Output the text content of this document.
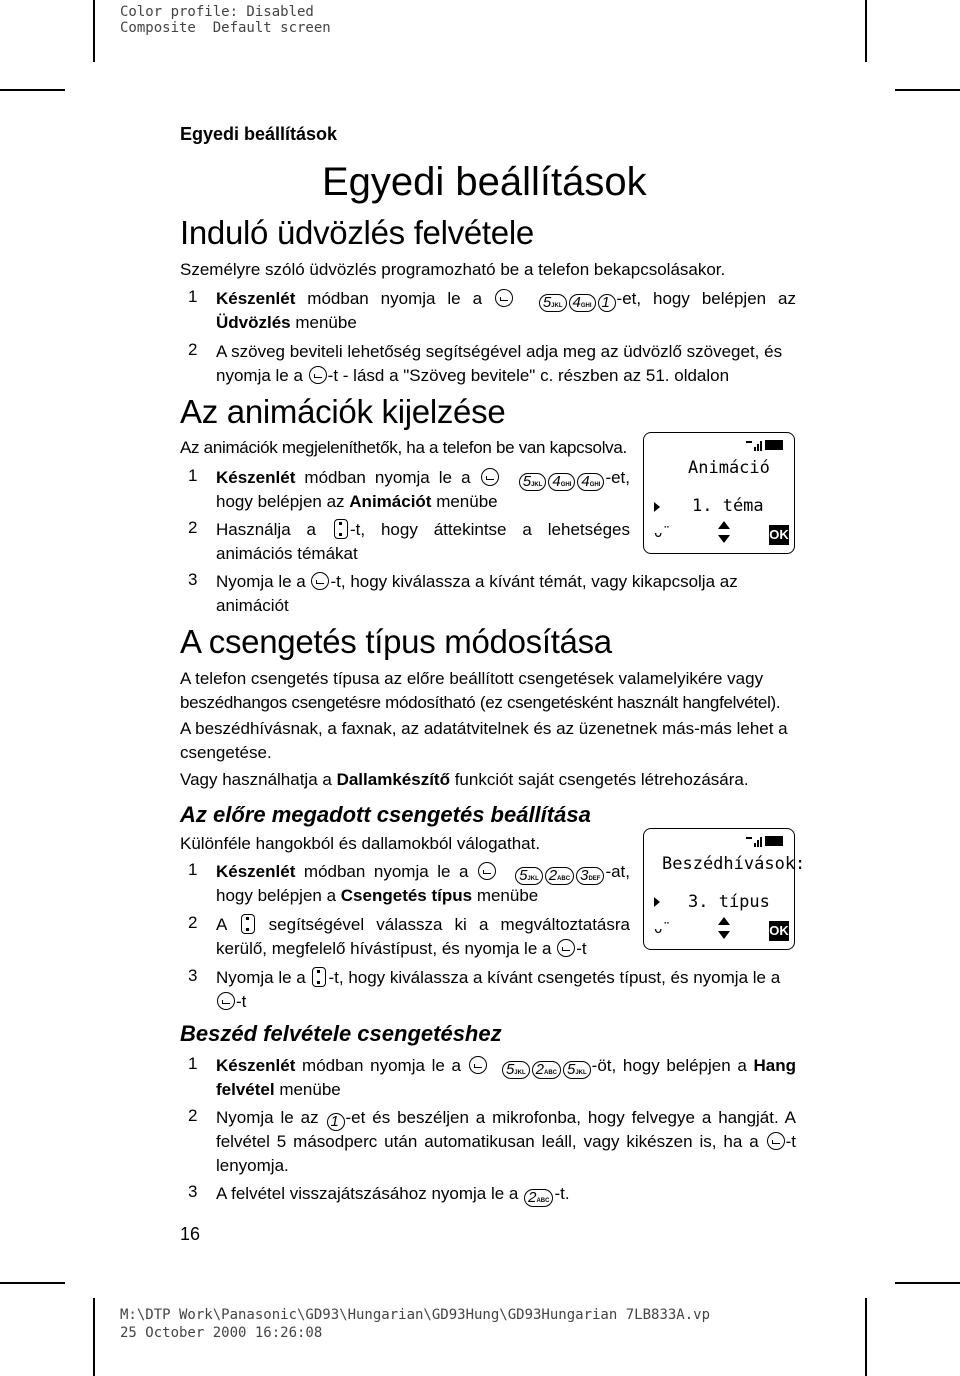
Color profile: Disabled
Composite  Default screen
M:\DTP Work\Panasonic\GD93\Hungarian\GD93Hung\GD93Hungarian 7LB833A.vp
25 October 2000 16:26:08
Egyedi beállítások
Egyedi beállítások
Induló üdvözlés felvétele
Személyre szóló üdvözlés programozható be a telefon bekapcsolásakor.
1	Készenlét módban nyomja le a	5JKL 4GHI 1 -et, hogy belépjen az
Üdvözlés menübe
2	A szöveg beviteli lehetőség segítségével adja meg az üdvözlő szöveget, és
nyomja le a -t - lásd a "Szöveg bevitele" c. részben az 51. oldalon
Az animációk kijelzése
Az animációk megjeleníthetők, ha a telefon be van kapcsolva.
1	Készenlét módban nyomja le a	5JKL 4GHI 4GHI -et,
hogy belépjen az Animációt menübe
2	Használja a -t, hogy áttekintse a lehetséges
animációs témákat
3	Nyomja le a -t, hogy kiválassza a kívánt témát, vagy kikapcsolja az
animációt
Animáció
1. téma
ᴗ̈	OK
A csengetés típus módosítása
A telefon csengetés típusa az előre beállított csengetések valamelyikére vagy
beszédhangos csengetésre módosítható (ez csengetésként használt hangfelvétel).
A beszédhívásnak, a faxnak, az adatátvitelnek és az üzenetnek más-más lehet a
csengetése.
Vagy használhatja a Dallamkészítő funkciót saját csengetés létrehozására.
Az előre megadott csengetés beállítása
Különféle hangokból és dallamokból válogathat.
1	Készenlét módban nyomja le a	5JKL 2ABC 3DEF -at,
hogy belépjen a Csengetés típus menübe
2	A  segítségével válassza ki a megváltoztatásra
kerülő, megfelelő hívástípust, és nyomja le a -t
3	Nyomja le a -t, hogy kiválassza a kívánt csengetés típust, és nyomja le a
-t
Beszédhívások:
3. típus
ᴗ̈	OK
Beszéd felvétele csengetéshez
1	Készenlét módban nyomja le a	5JKL 2ABC 5JKL -öt, hogy belépjen a Hang
felvétel menübe
2	Nyomja le az 1 -et és beszéljen a mikrofonba, hogy felvegye a hangját. A
felvétel 5 másodperc után automatikusan leáll, vagy kikészen is, ha a -t
lenyomja.
3	A felvétel visszajátszásához nyomja le a 2ABC -t.
16
